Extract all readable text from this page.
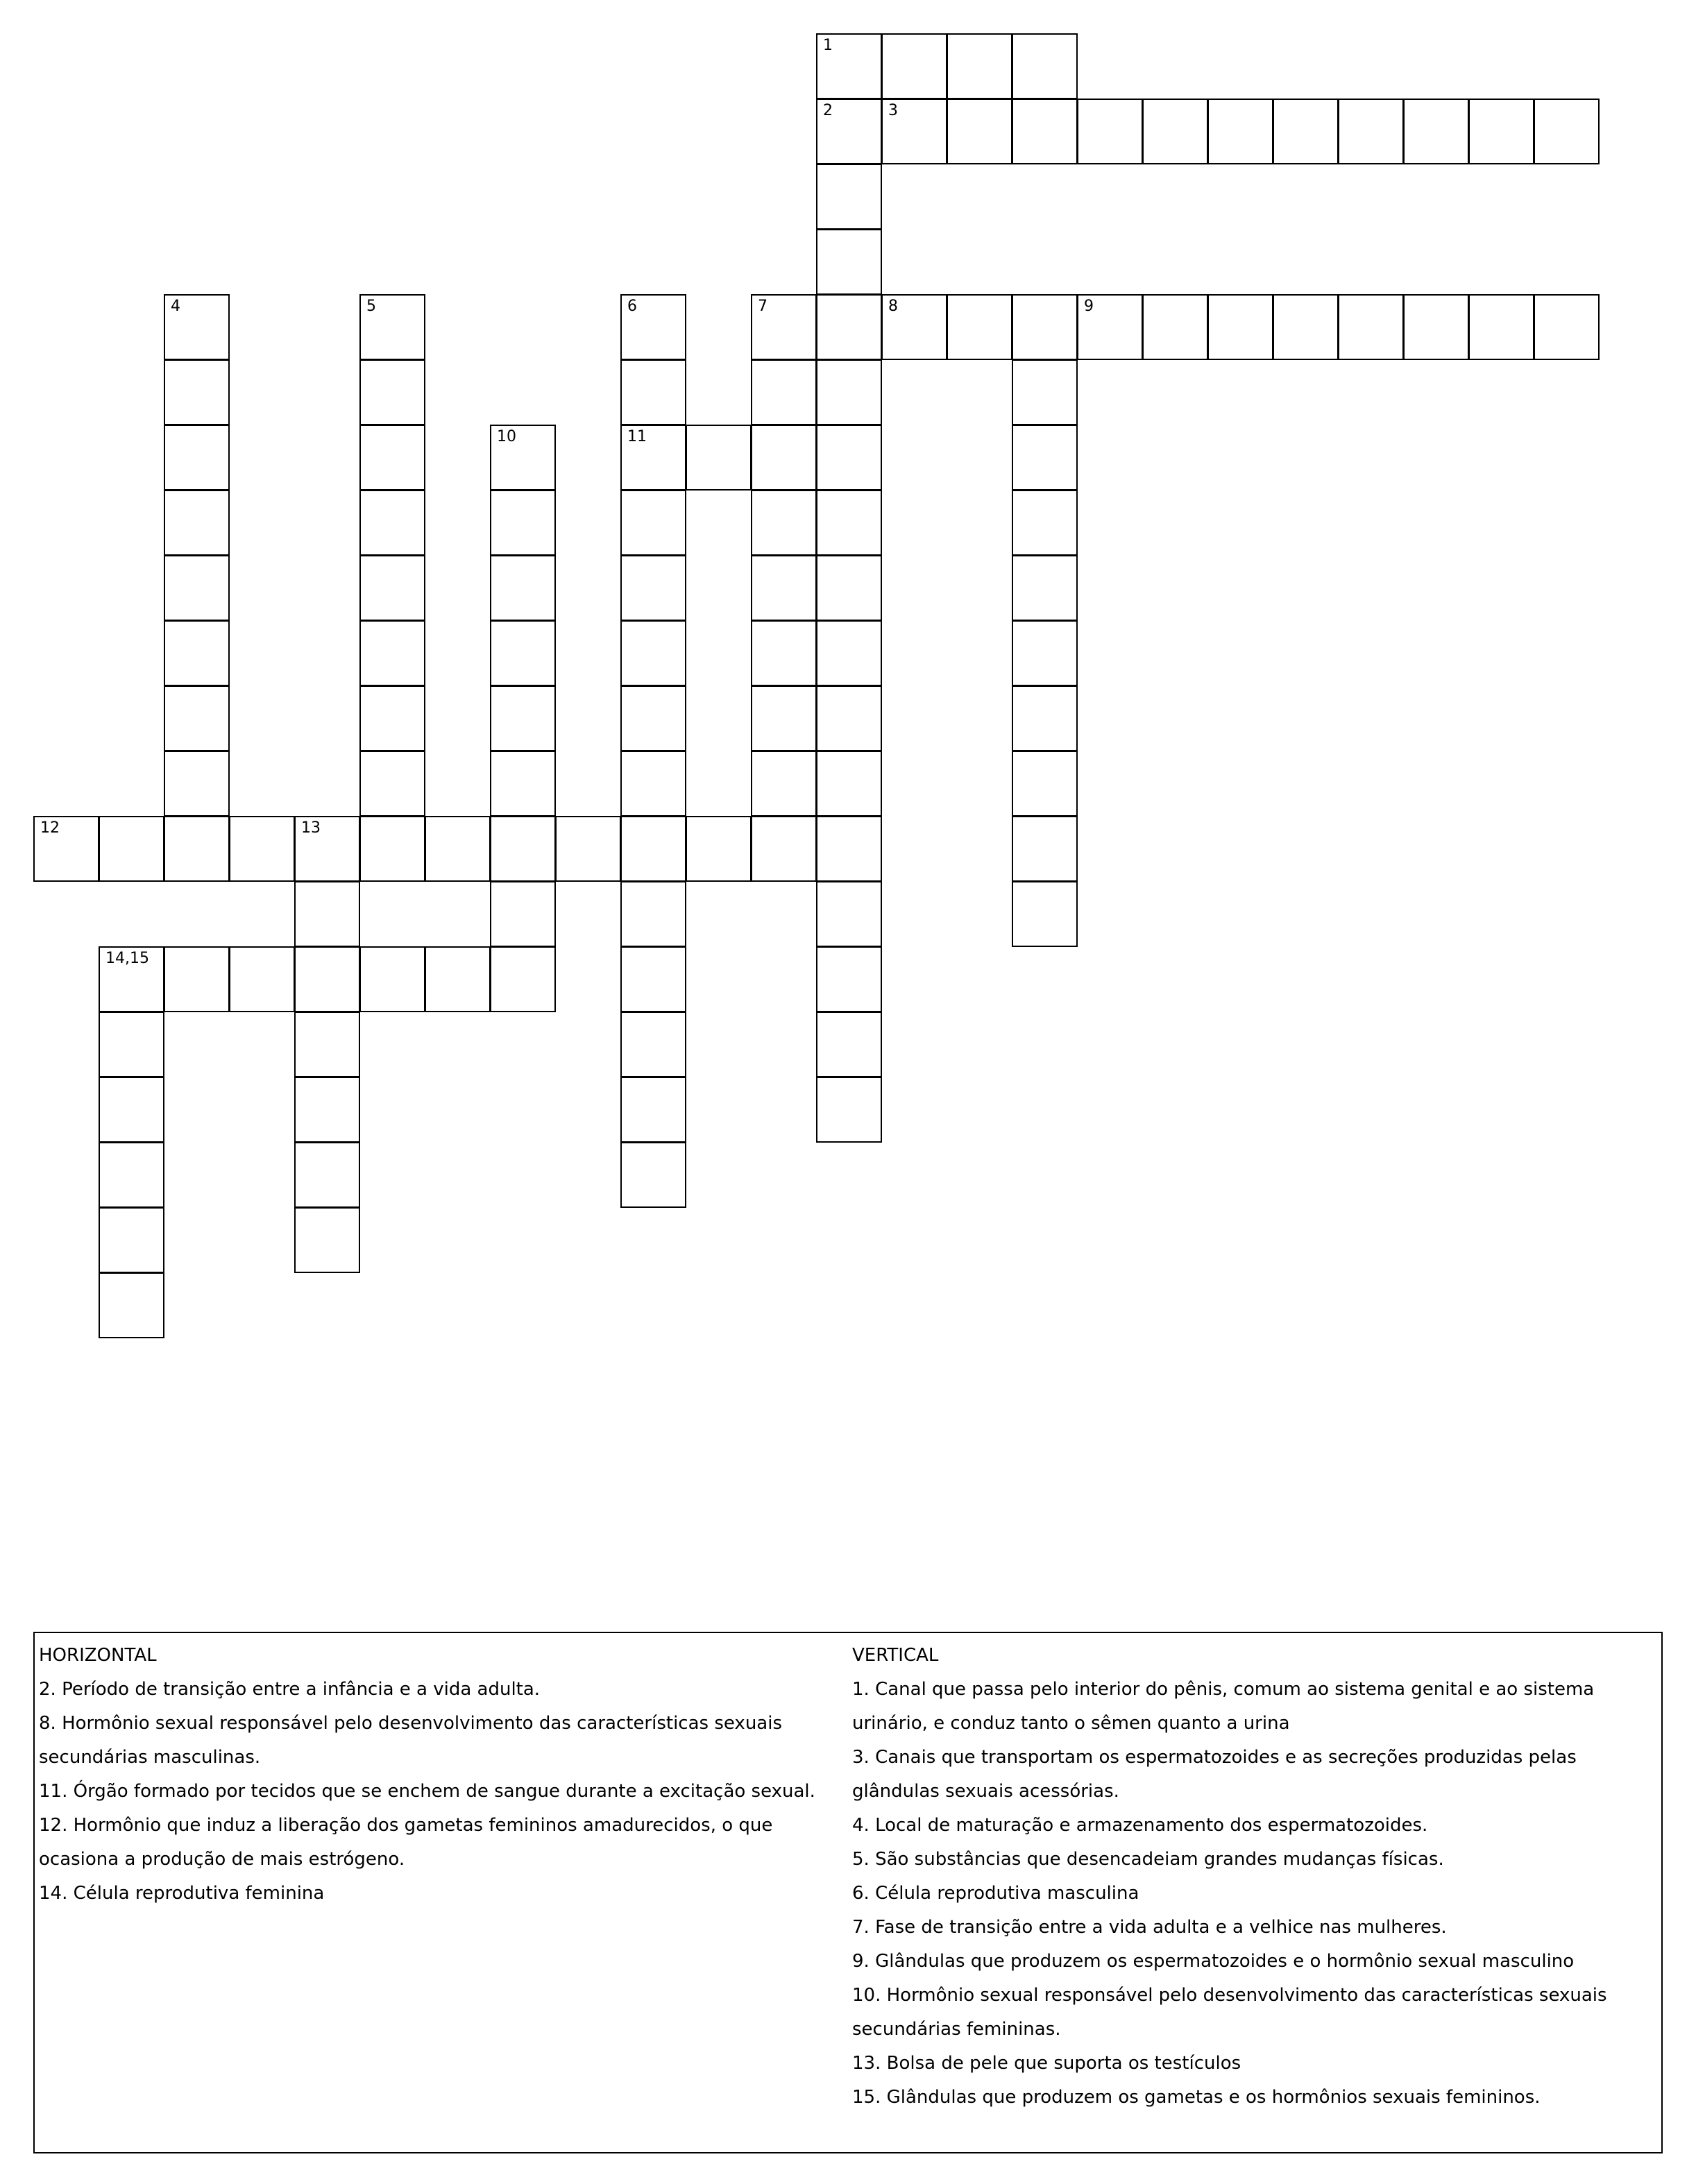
1
2	3
4	5	6	7	8	9
10	11
12	13
14,15
HORIZONTAL
2. Período de transição entre a infância e a vida adulta.
8. Hormônio sexual responsável pelo desenvolvimento das características sexuais secundárias masculinas.
11. Órgão formado por tecidos que se enchem de sangue durante a excitação sexual.
12. Hormônio que induz a liberação dos gametas femininos amadurecidos, o que ocasiona a produção de mais estrógeno.
14. Célula reprodutiva feminina
VERTICAL
1. Canal que passa pelo interior do pênis, comum ao sistema genital e ao sistema urinário, e conduz tanto o sêmen quanto a urina
3. Canais que transportam os espermatozoides e as secreções produzidas pelas glândulas sexuais acessórias.
4. Local de maturação e armazenamento dos espermatozoides.
5. São substâncias que desencadeiam grandes mudanças físicas.
6. Célula reprodutiva masculina
7. Fase de transição entre a vida adulta e a velhice nas mulheres.
9. Glândulas que produzem os espermatozoides e o hormônio sexual masculino
10. Hormônio sexual responsável pelo desenvolvimento das características sexuais secundárias femininas.
13. Bolsa de pele que suporta os testículos
15. Glândulas que produzem os gametas e os hormônios sexuais femininos.
